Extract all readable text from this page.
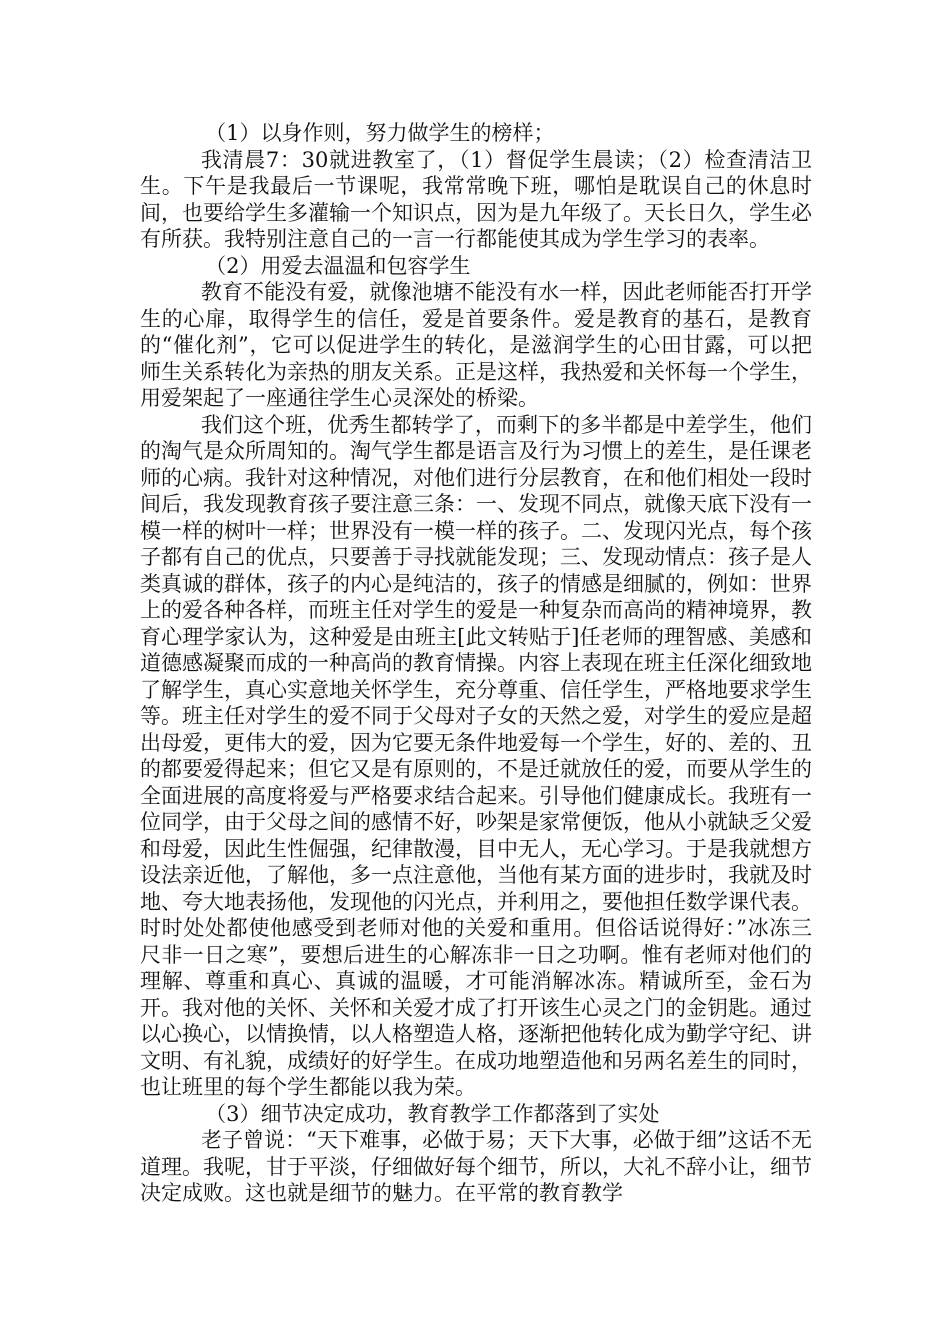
（1）以身作则，努力做学生的榜样；

我清晨7：30就进教室了，（1）督促学生晨读；（2）检查清洁卫生。下午是我最后一节课呢，我常常晚下班，哪怕是耽误自己的休息时间，也要给学生多灌输一个知识点，因为是九年级了。天长日久，学生必有所获。我特别注意自己的一言一行都能使其成为学生学习的表率。

（2）用爱去温温和包容学生

教育不能没有爱，就像池塘不能没有水一样，因此老师能否打开学生的心扉，取得学生的信任，爱是首要条件。爱是教育的基石，是教育的“催化剂”，它可以促进学生的转化，是滋润学生的心田甘露，可以把师生关系转化为亲热的朋友关系。正是这样，我热爱和关怀每一个学生，用爱架起了一座通往学生心灵深处的桥梁。

我们这个班，优秀生都转学了，而剩下的多半都是中差学生，他们的淘气是众所周知的。淘气学生都是语言及行为习惯上的差生，是任课老师的心病。我针对这种情况，对他们进行分层教育，在和他们相处一段时间后，我发现教育孩子要注意三条：一、发现不同点，就像天底下没有一模一样的树叶一样；世界没有一模一样的孩子。二、发现闪光点，每个孩子都有自己的优点，只要善于寻找就能发现；三、发现动情点：孩子是人类真诚的群体，孩子的内心是纯洁的，孩子的情感是细腻的，例如：世界上的爱各种各样，而班主任对学生的爱是一种复杂而高尚的精神境界，教育心理学家认为，这种爱是由班主[此文转贴于]任老师的理智感、美感和道德感凝聚而成的一种高尚的教育情操。内容上表现在班主任深化细致地了解学生，真心实意地关怀学生，充分尊重、信任学生，严格地要求学生等。班主任对学生的爱不同于父母对子女的天然之爱，对学生的爱应是超出母爱，更伟大的爱，因为它要无条件地爱每一个学生，好的、差的、丑的都要爱得起来；但它又是有原则的，不是迁就放任的爱，而要从学生的全面进展的高度将爱与严格要求结合起来。引导他们健康成长。我班有一位同学，由于父母之间的感情不好，吵架是家常便饭，他从小就缺乏父爱和母爱，因此生性倔强，纪律散漫，目中无人，无心学习。于是我就想方设法亲近他，了解他，多一点注意他，当他有某方面的进步时，我就及时地、夸大地表扬他，发现他的闪光点，并利用之，要他担任数学课代表。时时处处都使他感受到老师对他的关爱和重用。但俗话说得好：”冰冻三尺非一日之寒”，要想后进生的心解冻非一日之功啊。惟有老师对他们的理解、尊重和真心、真诚的温暖，才可能消解冰冻。精诚所至，金石为开。我对他的关怀、关怀和关爱才成了打开该生心灵之门的金钥匙。通过以心换心，以情换情，以人格塑造人格，逐渐把他转化成为勤学守纪、讲文明、有礼貌，成绩好的好学生。在成功地塑造他和另两名差生的同时，也让班里的每个学生都能以我为荣。

（3）细节决定成功，教育教学工作都落到了实处

老子曾说：“天下难事，必做于易；天下大事，必做于细”这话不无道理。我呢，甘于平淡，仔细做好每个细节，所以，大礼不辞小让，细节决定成败。这也就是细节的魅力。在平常的教育教学
